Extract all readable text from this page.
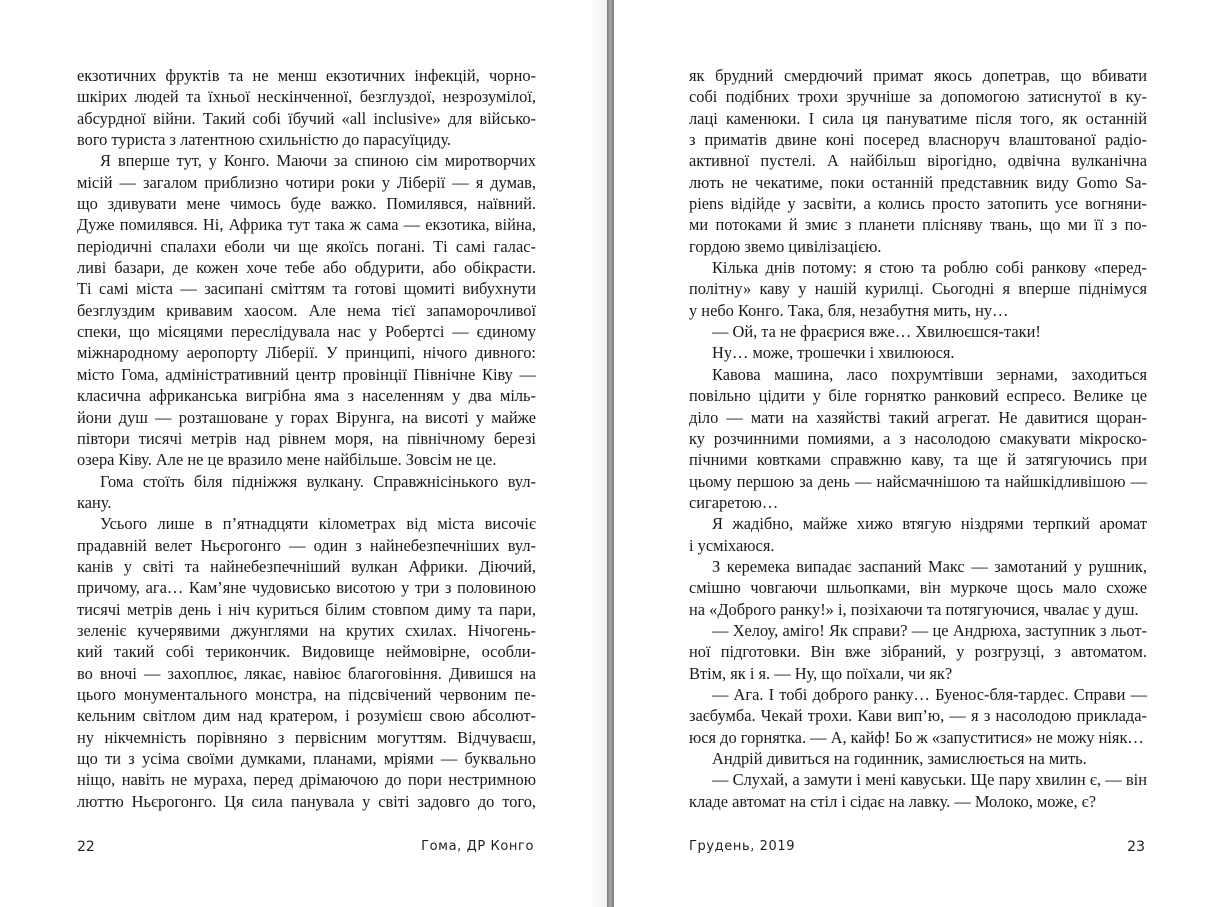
екзотичних фруктів та не менш екзотичних інфекцій, чорно-
шкірих людей та їхньої нескінченної, безглуздої, незрозумілої,
абсурдної війни. Такий собі їбучий «all inclusive» для військо-
вого туриста з латентною схильністю до парасуїциду.
Я вперше тут, у Конго. Маючи за спиною сім миротворчих
місій — загалом приблизно чотири роки у Ліберії — я думав,
що здивувати мене чимось буде важко. Помилявся, наївний.
Дуже помилявся. Ні, Африка тут така ж сама — екзотика, війна,
періодичні спалахи еболи чи ще якоїсь погані. Ті самі галас-
ливі базари, де кожен хоче тебе або обдурити, або обікрасти.
Ті самі міста — засипані сміттям та готові щомиті вибухнути
безглуздим кривавим хаосом. Але нема тієї запаморочливої
спеки, що місяцями переслідувала нас у Робертсі — єдиному
міжнародному аеропорту Ліберії. У принципі, нічого дивного:
місто Гома, адміністративний центр провінції Північне Ківу —
класична африканська вигрібна яма з населенням у два міль-
йони душ — розташоване у горах Вірунга, на висоті у майже
півтори тисячі метрів над рівнем моря, на північному березі
озера Ківу. Але не це вразило мене найбільше. Зовсім не це.
Гома стоїть біля підніжжя вулкану. Справжнісінького вул-
кану.
Усього лише в п’ятнадцяти кілометрах від міста височіє
прадавній велет Ньєрогонго — один з найнебезпечніших вул-
канів у світі та найнебезпечніший вулкан Африки. Діючий,
причому, ага… Кам’яне чудовисько висотою у три з половиною
тисячі метрів день і ніч куриться білим стовпом диму та пари,
зеленіє кучерявими джунглями на крутих схилах. Нічогень-
кий такий собі терикончик. Видовище неймовірне, особли-
во вночі — захоплює, лякає, навіює благоговіння. Дивишся на
цього монументального монстра, на підсвічений червоним пе-
кельним світлом дим над кратером, і розумієш свою абсолют-
ну нікчемність порівняно з первісним могуттям. Відчуваєш,
що ти з усіма своїми думками, планами, мріями — буквально
ніщо, навіть не мураха, перед дрімаючою до пори нестримною
люттю Ньєрогонго. Ця сила панувала у світі задовго до того,
22	Гома, ДР Конго
як брудний смердючий примат якось допетрав, що вбивати
собі подібних трохи зручніше за допомогою затиснутої в ку-
лаці каменюки. І сила ця пануватиме після того, як останній
з приматів двине коні посеред власноруч влаштованої радіо-
активної пустелі. А найбільш вірогідно, одвічна вулканічна
лють не чекатиме, поки останній представник виду Gomo Sa-
piens відійде у засвіти, а колись просто затопить усе вогняни-
ми потоками й змиє з планети плісняву твань, що ми її з по-
гордою звемо цивілізацією.
Кілька днів потому: я стою та роблю собі ранкову «перед-
політну» каву у нашій курилці. Сьогодні я вперше піднімуся
у небо Конго. Така, бля, незабутня мить, ну…
— Ой, та не фраєрися вже… Хвилюєшся-таки!
Ну… може, трошечки і хвилююся.
Кавова машина, ласо похрумтівши зернами, заходиться
повільно цідити у біле горнятко ранковий еспресо. Велике це
діло — мати на хазяйстві такий агрегат. Не давитися щоран-
ку розчинними помиями, а з насолодою смакувати мікроско-
пічними ковтками справжню каву, та ще й затягуючись при
цьому першою за день — найсмачнішою та найшкідливішою —
сигаретою…
Я жадібно, майже хижо втягую ніздрями терпкий аромат
і усміхаюся.
З керемека випадає заспаний Макс — замотаний у рушник,
смішно човгаючи шльопками, він муркоче щось мало схоже
на «Доброго ранку!» і, позіхаючи та потягуючися, чвалає у душ.
— Хелоу, аміго! Як справи? — це Андрюха, заступник з льот-
ної підготовки. Він вже зібраний, у розгрузці, з автоматом.
Втім, як і я. — Ну, що поїхали, чи як?
— Ага. І тобі доброго ранку… Буенос-бля-тардес. Справи —
заєбумба. Чекай трохи. Кави вип’ю, — я з насолодою приклада-
юся до горнятка. — А, кайф! Бо ж «запуститися» не можу ніяк…
Андрій дивиться на годинник, замислюється на мить.
— Слухай, а замути і мені кавуськи. Ще пару хвилин є, — він
кладе автомат на стіл і сідає на лавку. — Молоко, може, є?
Грудень, 2019	23
